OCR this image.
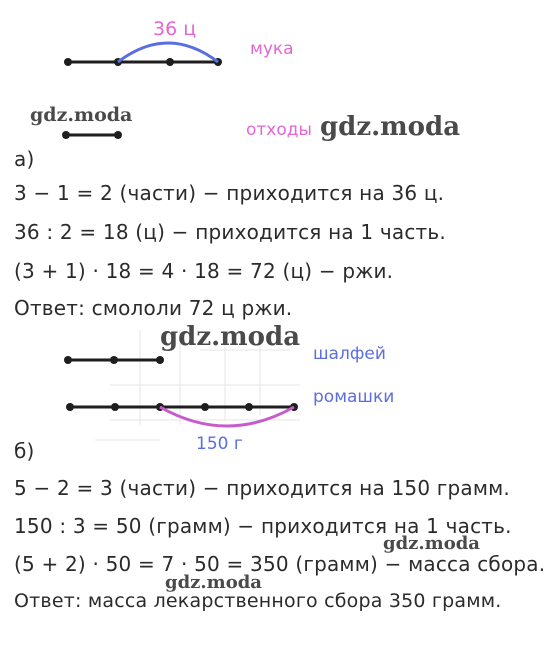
36 ц
мука
отходы
шалфей
ромашки
150 г
gdz.moda	gdz.moda
gdz.moda
gdz.moda
gdz.moda
а)
3 − 1 = 2 (части) − приходится на 36 ц.
36 : 2 = 18 (ц) − приходится на 1 часть.
(3 + 1) · 18 = 4 · 18 = 72 (ц) − ржи.
Ответ: смололи 72 ц ржи.
б)
5 − 2 = 3 (части) − приходится на 150 грамм.
150 : 3 = 50 (грамм) − приходится на 1 часть.
(5 + 2) · 50 = 7 · 50 = 350 (грамм) − масса сбора.
Ответ: масса лекарственного сбора 350 грамм.
